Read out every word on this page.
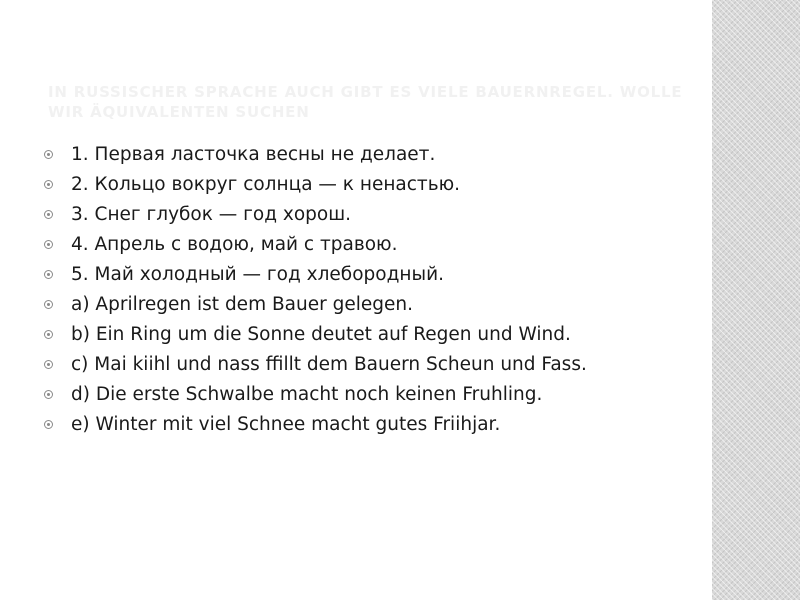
IN RUSSISCHER SPRACHE AUCH GIBT ES VIELE BAUERNREGEL. WOLLE WIR ÄQUIVALENTEN SUCHEN
1. Первая ласточка весны не делает.
2. Кольцо вокруг солнца — к ненастью.
3. Снег глубок — год хорош.
4. Апрель с водою, май с травою.
5. Май холодный — год хлебородный.
a) Aprilregen ist dem Bauer gelegen.
b) Ein Ring um die Sonne deutet auf Regen und Wind.
c) Mai kiihl und nass ffillt dem Bauern Scheun und Fass.
d) Die erste Schwalbe macht noch keinen Fruhling.
e) Winter mit viel Schnee macht gutes Friihjar.
